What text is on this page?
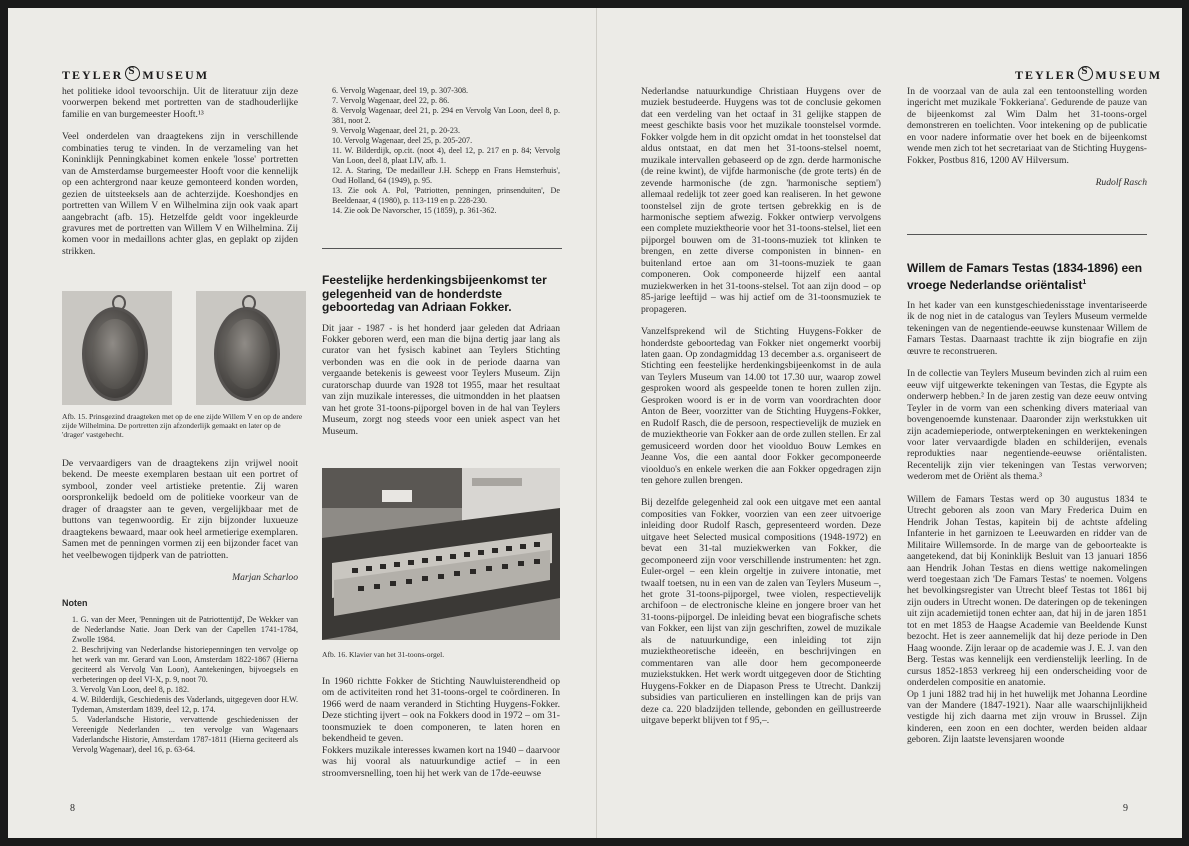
TEYLER S MUSEUM

het politieke idool tevoorschijn. Uit de literatuur zijn deze voorwerpen bekend met portretten van de stadhouderlijke familie en van burgemeester Hooft.¹³

Veel onderdelen van draagtekens zijn in verschillende combinaties terug te vinden. In de verzameling van het Koninklijk Penningkabinet komen enkele 'losse' portretten van de Amsterdamse burgemeester Hooft voor die kennelijk op een achtergrond naar keuze gemonteerd konden worden, gezien de uitsteeksels aan de achterzijde. Koeshondjes en portretten van Willem V en Wilhelmina zijn ook vaak apart aangebracht (afb. 15). Hetzelfde geldt voor ingekleurde gravures met de portretten van Willem V en Wilhelmina. Zij komen voor in medaillons achter glas, en geplakt op zijden strikken.

Afb. 15. Prinsgezind draagteken met op de ene zijde Willem V en op de andere zijde Wilhelmina. De portretten zijn afzonderlijk gemaakt en later op de 'drager' vastgehecht.

De vervaardigers van de draagtekens zijn vrijwel nooit bekend. De meeste exemplaren bestaan uit een portret of symbool, zonder veel artistieke pretentie. Zij waren oorspronkelijk bedoeld om de politieke voorkeur van de drager of draagster aan te geven, vergelijkbaar met de buttons van tegenwoordig. Er zijn bijzonder luxueuze draagtekens bewaard, maar ook heel armetierige exemplaren. Samen met de penningen vormen zij een bijzonder facet van het veelbewogen tijdperk van de patriotten.

Marjan Scharloo
Noten
1. G. van der Meer, 'Penningen uit de Patriottentijd', De Wekker van de Nederlandse Natie. Joan Derk van der Capellen 1741-1784, Zwolle 1984.
2. Beschrijving van Nederlandse historiepenningen ten vervolge op het werk van mr. Gerard van Loon, Amsterdam 1822-1867 (Hierna geciteerd als Vervolg Van Loon), Aantekeningen, bijvoegsels en verbeteringen op deel VI-X, p. 9, noot 70.
3. Vervolg Van Loon, deel 8, p. 182.
4. W. Bilderdijk, Geschiedenis des Vaderlands, uitgegeven door H.W. Tydeman, Amsterdam 1839, deel 12, p. 174.
5. Vaderlandsche Historie, vervattende geschiedenissen der Vereenigde Nederlanden ... ten vervolge van Wagenaars Vaderlandsche Historie, Amsterdam 1787-1811 (Hierna geciteerd als Vervolg Wagenaar), deel 16, p. 63-64.
6. Vervolg Wagenaar, deel 19, p. 307-308.
7. Vervolg Wagenaar, deel 22, p. 86.
8. Vervolg Wagenaar, deel 21, p. 294 en Vervolg Van Loon, deel 8, p. 381, noot 2.
9. Vervolg Wagenaar, deel 21, p. 20-23.
10. Vervolg Wagenaar, deel 25, p. 205-207.
11. W. Bilderdijk, op.cit. (noot 4), deel 12, p. 217 en p. 84; Vervolg Van Loon, deel 8, plaat LIV, afb. 1.
12. A. Staring, 'De medailleur J.H. Schepp en Frans Hemsterhuis', Oud Holland, 64 (1949), p. 95.
13. Zie ook A. Pol, 'Patriotten, penningen, prinsenduiten', De Beeldenaar, 4 (1980), p. 113-119 en p. 228-230.
14. Zie ook De Navorscher, 15 (1859), p. 361-362.
Feestelijke herdenkingsbijeenkomst ter gelegenheid van de honderdste geboortedag van Adriaan Fokker.

Dit jaar - 1987 - is het honderd jaar geleden dat Adriaan Fokker geboren werd, een man die bijna dertig jaar lang als curator van het fysisch kabinet aan Teylers Stichting verbonden was en die ook in de periode daarna van vergaande betekenis is geweest voor Teylers Museum. Zijn curatorschap duurde van 1928 tot 1955, maar het resultaat van zijn muzikale interesses, die uitmondden in het plaatsen van het grote 31-toons-pijporgel boven in de hal van Teylers Museum, zorgt nog steeds voor een uniek aspect van het Museum.

Afb. 16. Klavier van het 31-toons-orgel.

In 1960 richtte Fokker de Stichting Nauwluisterendheid op om de activiteiten rond het 31-toons-orgel te coördineren. In 1966 werd de naam veranderd in Stichting Huygens-Fokker. Deze stichting ijvert – ook na Fokkers dood in 1972 – om 31-toonsmuziek te doen componeren, te laten horen en bekendheid te geven.

Fokkers muzikale interesses kwamen kort na 1940 – daarvoor was hij vooral als natuurkundige actief – in een stroomversnelling, toen hij het werk van de 17de-eeuwse

8
TEYLER S MUSEUM

Nederlandse natuurkundige Christiaan Huygens over de muziek bestudeerde. Huygens was tot de conclusie gekomen dat een verdeling van het octaaf in 31 gelijke stappen de meest geschikte basis voor het muzikale toonstelsel vormde. Fokker volgde hem in dit opzicht omdat in het toonstelsel dat aldus ontstaat, en dat men het 31-toons-stelsel noemt, muzikale intervallen gebaseerd op de zgn. derde harmonische (de reine kwint), de vijfde harmonische (de grote terts) én de zevende harmonische (de zgn. 'harmonische septiem') allemaal redelijk tot zeer goed kan realiseren. In het gewone toonstelsel zijn de grote tertsen gebrekkig en is de harmonische septiem afwezig. Fokker ontwierp vervolgens een complete muziektheorie voor het 31-toons-stelsel, liet een pijporgel bouwen om de 31-toons-muziek tot klinken te brengen, en zette diverse componisten in binnen- en buitenland ertoe aan om 31-toons-muziek te gaan componeren. Ook componeerde hijzelf een aantal muziekwerken in het 31-toons-stelsel. Tot aan zijn dood – op 85-jarige leeftijd – was hij actief om de 31-toonsmuziek te propageren.

Vanzelfsprekend wil de Stichting Huygens-Fokker de honderdste geboortedag van Fokker niet ongemerkt voorbij laten gaan. Op zondagmiddag 13 december a.s. organiseert de Stichting een feestelijke herdenkingsbijeenkomst in de aula van Teylers Museum van 14.00 tot 17.30 uur, waarop zowel gesproken woord als gespeelde tonen te horen zullen zijn. Gesproken woord is er in de vorm van voordrachten door Anton de Beer, voorzitter van de Stichting Huygens-Fokker, en Rudolf Rasch, die de persoon, respectievelijk de muziek en de muziektheorie van Fokker aan de orde zullen stellen. Er zal gemusiceerd worden door het vioolduo Bouw Lemkes en Jeanne Vos, die een aantal door Fokker gecomponeerde vioolduo's en enkele werken die aan Fokker opgedragen zijn ten gehore zullen brengen.

Bij dezelfde gelegenheid zal ook een uitgave met een aantal composities van Fokker, voorzien van een zeer uitvoerige inleiding door Rudolf Rasch, gepresenteerd worden. Deze uitgave heet Selected musical compositions (1948-1972) en bevat een 31-tal muziekwerken van Fokker, die gecomponeerd zijn voor verschillende instrumenten: het zgn. Euler-orgel – een klein orgeltje in zuivere intonatie, met twaalf toetsen, nu in een van de zalen van Teylers Museum –, het grote 31-toons-pijporgel, twee violen, respectievelijk archifoon – de electronische kleine en jongere broer van het 31-toons-pijporgel. De inleiding bevat een biografische schets van Fokker, een lijst van zijn geschriften, zowel de muzikale als de natuurkundige, een inleiding tot zijn muziektheoretische ideeën, en beschrijvingen en commentaren van alle door hem gecomponeerde muziekstukken. Het werk wordt uitgegeven door de Stichting Huygens-Fokker en de Diapason Press te Utrecht. Dankzij subsidies van particulieren en instellingen kan de prijs van deze ca. 220 bladzijden tellende, gebonden en geïllustreerde uitgave beperkt blijven tot f 95,–.

In de voorzaal van de aula zal een tentoonstelling worden ingericht met muzikale 'Fokkeriana'. Gedurende de pauze van de bijeenkomst zal Wim Dalm het 31-toons-orgel demonstreren en toelichten. Voor intekening op de publicatie en voor nadere informatie over het boek en de bijeenkomst wende men zich tot het secretariaat van de Stichting Huygens-Fokker, Postbus 816, 1200 AV Hilversum.

Rudolf Rasch
Willem de Famars Testas (1834-1896) een vroege Nederlandse oriëntalist$^1$

In het kader van een kunstgeschiedenisstage inventariseerde ik de nog niet in de catalogus van Teylers Museum vermelde tekeningen van de negentiende-eeuwse kunstenaar Willem de Famars Testas. Daarnaast trachtte ik zijn biografie en zijn œuvre te reconstrueren.

In de collectie van Teylers Museum bevinden zich al ruim een eeuw vijf uitgewerkte tekeningen van Testas, die Egypte als onderwerp hebben.² In de jaren zestig van deze eeuw ontving Teyler in de vorm van een schenking divers materiaal van bovengenoemde kunstenaar. Daaronder zijn werkstukken uit zijn academieperiode, ontwerptekeningen en werktekeningen voor later vervaardigde bladen en schilderijen, evenals reprodukties naar negentiende-eeuwse oriëntalisten. Recentelijk zijn vier tekeningen van Testas verworven; wederom met de Oriënt als thema.³

Willem de Famars Testas werd op 30 augustus 1834 te Utrecht geboren als zoon van Mary Frederica Duim en Hendrik Johan Testas, kapitein bij de achtste afdeling Infanterie in het garnizoen te Leeuwarden en ridder van de Militaire Willemsorde. In de marge van de geboorteakte is aangetekend, dat bij Koninklijk Besluit van 13 januari 1856 aan Hendrik Johan Testas en diens wettige nakomelingen werd toegestaan zich 'De Famars Testas' te noemen. Volgens het bevolkingsregister van Utrecht bleef Testas tot 1861 bij zijn ouders in Utrecht wonen. De dateringen op de tekeningen uit zijn academietijd tonen echter aan, dat hij in de jaren 1851 tot en met 1853 de Haagse Academie van Beeldende Kunst bezocht. Het is zeer aannemelijk dat hij deze periode in Den Haag woonde. Zijn leraar op de academie was J. E. J. van den Berg. Testas was kennelijk een verdienstelijk leerling. In de cursus 1852-1853 verkreeg hij een onderscheiding voor de onderdelen compositie en anatomie.

Op 1 juni 1882 trad hij in het huwelijk met Johanna Leordine van der Mandere (1847-1921). Naar alle waarschijnlijkheid vestigde hij zich daarna met zijn vrouw in Brussel. Zijn kinderen, een zoon en een dochter, werden beiden aldaar geboren. Zijn laatste levensjaren woonde

9
